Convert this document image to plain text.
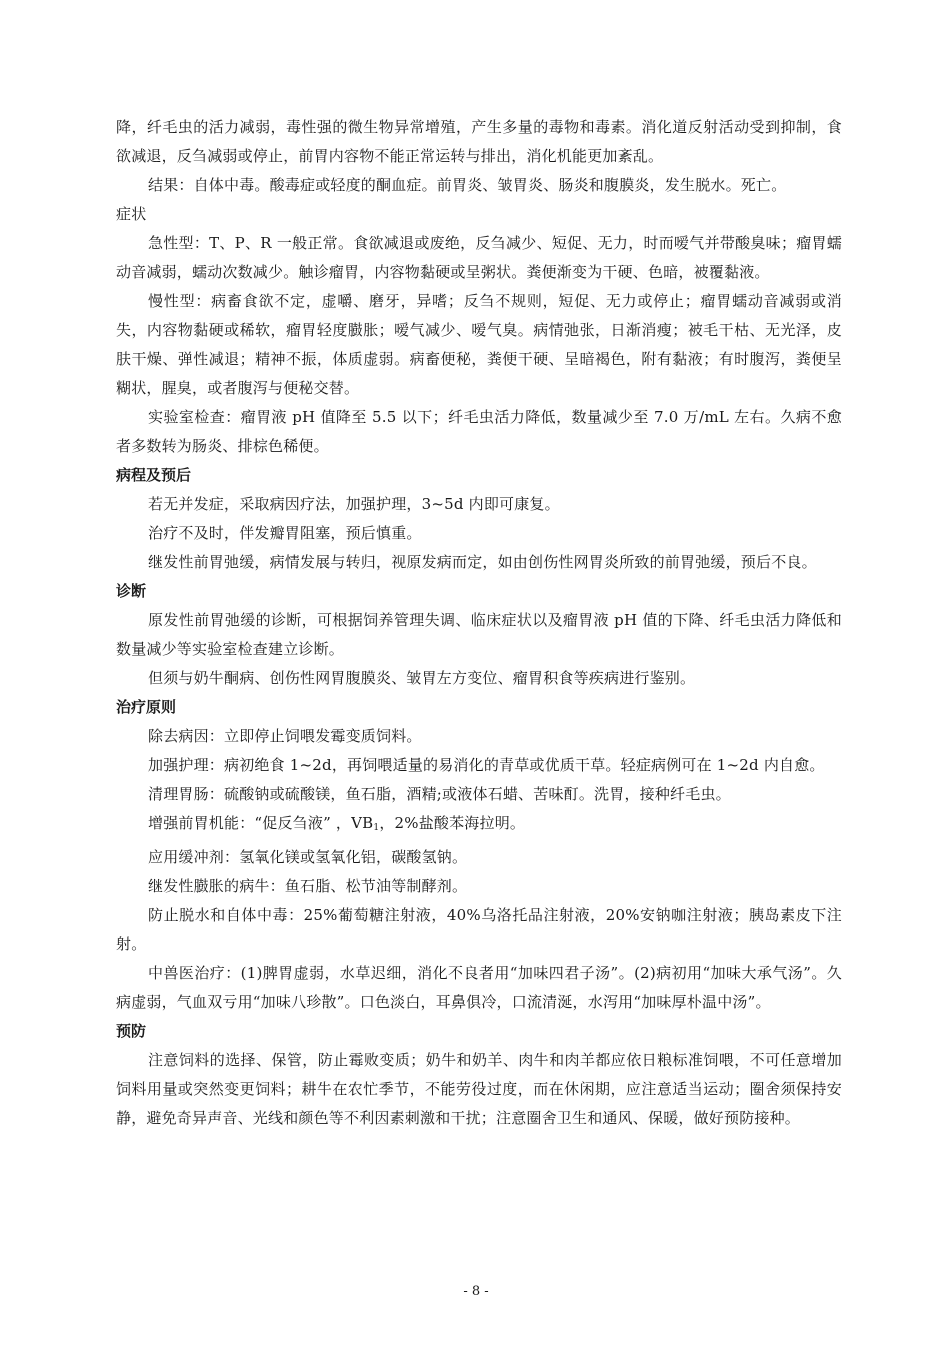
降，纤毛虫的活力减弱，毒性强的微生物异常增殖，产生多量的毒物和毒素。消化道反射活动受到抑制，食欲减退，反刍减弱或停止，前胃内容物不能正常运转与排出，消化机能更加紊乱。

结果：自体中毒。酸毒症或轻度的酮血症。前胃炎、皱胃炎、肠炎和腹膜炎，发生脱水。死亡。

症状

急性型：T、P、R 一般正常。食欲减退或废绝，反刍减少、短促、无力，时而嗳气并带酸臭味；瘤胃蠕动音减弱，蠕动次数减少。触诊瘤胃，内容物黏硬或呈粥状。粪便渐变为干硬、色暗，被覆黏液。

慢性型：病畜食欲不定，虚嚼、磨牙，异嗜；反刍不规则，短促、无力或停止；瘤胃蠕动音减弱或消失，内容物黏硬或稀软，瘤胃轻度臌胀；嗳气减少、嗳气臭。病情弛张，日渐消瘦；被毛干枯、无光泽，皮肤干燥、弹性减退；精神不振，体质虚弱。病畜便秘，粪便干硬、呈暗褐色，附有黏液；有时腹泻，粪便呈糊状，腥臭，或者腹泻与便秘交替。

实验室检查：瘤胃液 pH 值降至 5.5 以下；纤毛虫活力降低，数量减少至 7.0 万/mL 左右。久病不愈者多数转为肠炎、排棕色稀便。

病程及预后

若无并发症，采取病因疗法，加强护理，3~5d 内即可康复。

治疗不及时，伴发瓣胃阻塞，预后慎重。

继发性前胃弛缓，病情发展与转归，视原发病而定，如由创伤性网胃炎所致的前胃弛缓，预后不良。

诊断

原发性前胃弛缓的诊断，可根据饲养管理失调、临床症状以及瘤胃液 pH 值的下降、纤毛虫活力降低和数量减少等实验室检查建立诊断。

但须与奶牛酮病、创伤性网胃腹膜炎、皱胃左方变位、瘤胃积食等疾病进行鉴别。

治疗原则

除去病因：立即停止饲喂发霉变质饲料。

加强护理：病初绝食 1~2d，再饲喂适量的易消化的青草或优质干草。轻症病例可在 1~2d 内自愈。

清理胃肠：硫酸钠或硫酸镁，鱼石脂，酒精;或液体石蜡、苦味酊。洗胃，接种纤毛虫。

增强前胃机能：“促反刍液” ，$VB_1$，2%盐酸苯海拉明。

应用缓冲剂：氢氧化镁或氢氧化铝，碳酸氢钠。

继发性臌胀的病牛：鱼石脂、松节油等制酵剂。

防止脱水和自体中毒：25%葡萄糖注射液，40%乌洛托品注射液，20%安钠咖注射液；胰岛素皮下注射。

中兽医治疗：(1)脾胃虚弱，水草迟细，消化不良者用“加味四君子汤”。(2)病初用“加味大承气汤”。久病虚弱，气血双亏用“加味八珍散”。口色淡白，耳鼻俱冷，口流清涎，水泻用“加味厚朴温中汤”。

预防

注意饲料的选择、保管，防止霉败变质；奶牛和奶羊、肉牛和肉羊都应依日粮标准饲喂，不可任意增加饲料用量或突然变更饲料；耕牛在农忙季节，不能劳役过度，而在休闲期，应注意适当运动；圈舍须保持安静，避免奇异声音、光线和颜色等不利因素刺激和干扰；注意圈舍卫生和通风、保暖，做好预防接种。

- 8 -
